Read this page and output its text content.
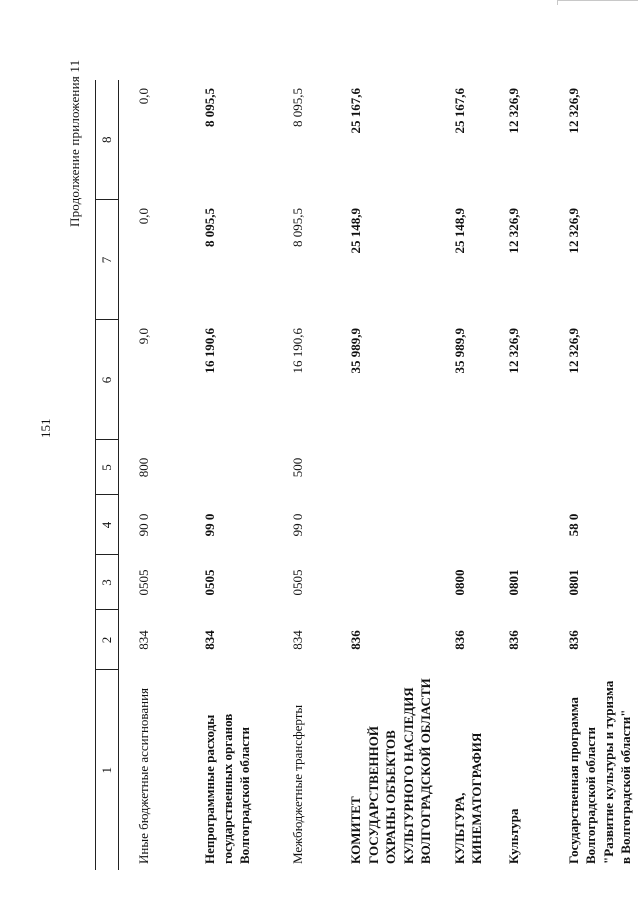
151
Продолжение приложения 11
1	2	3	4	5	6	7	8
Иные бюджетные ассигнования	834	0505	90 0	800	9,0	0,0	0,0
Непрограммные расходы государственных органов Волгоградской области	834	0505	99 0		16 190,6	8 095,5	8 095,5
Межбюджетные трансферты	834	0505	99 0	500	16 190,6	8 095,5	8 095,5
КОМИТЕТ ГОСУДАРСТВЕННОЙ ОХРАНЫ ОБЪЕКТОВ КУЛЬТУРНОГО НАСЛЕДИЯ ВОЛГОГРАДСКОЙ ОБЛАСТИ	836				35 989,9	25 148,9	25 167,6
КУЛЬТУРА, КИНЕМАТОГРАФИЯ	836	0800			35 989,9	25 148,9	25 167,6
Культура	836	0801			12 326,9	12 326,9	12 326,9
Государственная программа Волгоградской области "Развитие культуры и туризма в Волгоградской области"	836	0801	58 0		12 326,9	12 326,9	12 326,9
